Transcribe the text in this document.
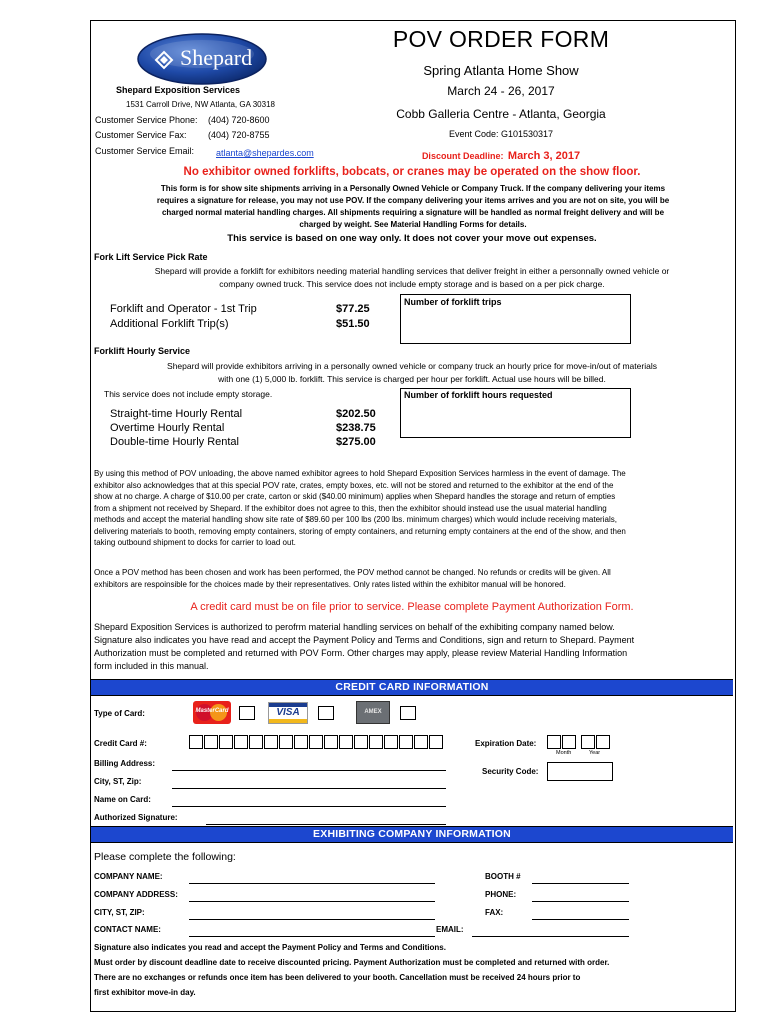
Shepard
Shepard Exposition Services
1531 Carroll Drive, NW Atlanta, GA 30318
Customer Service Phone: (404) 720-8600
Customer Service Fax: (404) 720-8755
Customer Service Email: atlanta@shepardes.com
POV ORDER FORM
Spring Atlanta Home Show
March 24 - 26, 2017
Cobb Galleria Centre - Atlanta, Georgia
Event Code: G101530317
Discount Deadline: March 3, 2017
No exhibitor owned forklifts, bobcats, or cranes may be operated on the show floor.
This form is for show site shipments arriving in a Personally Owned Vehicle or Company Truck. If the company delivering your items
requires a signature for release, you may not use POV. If the company delivering your items arrives and you are not on site, you will be
charged normal material handling charges. All shipments requiring a signature will be handled as normal freight delivery and will be
charged by weight. See Material Handling Forms for details.
This service is based on one way only. It does not cover your move out expenses.
Fork Lift Service Pick Rate
Shepard will provide a forklift for exhibitors needing material handling services that deliver freight in either a personnally owned vehicle or
company owned truck. This service does not include empty storage and is based on a per pick charge.
Forklift and Operator - 1st Trip	$77.25
Additional Forklift Trip(s)	$51.50
Number of forklift trips
Forklift Hourly Service
Shepard will provide exhibitors arriving in a personally owned vehicle or company truck an hourly price for move-in/out of materials
with one (1) 5,000 lb. forklift. This service is charged per hour per forklift. Actual use hours will be billed.
This service does not include empty storage.	Number of forklift hours requested
Straight-time Hourly Rental	$202.50
Overtime Hourly Rental	$238.75
Double-time Hourly Rental	$275.00
By using this method of POV unloading, the above named exhibitor agrees to hold Shepard Exposition Services harmless in the event of damage. The
exhibitor also acknowledges that at this special POV rate, crates, empty boxes, etc. will not be stored and returned to the exhibitor at the end of the
show at no charge. A charge of $10.00 per crate, carton or skid ($40.00 minimum) applies when Shepard handles the storage and return of empties
from a shipment not received by Shepard. If the exhibitor does not agree to this, then the exhibitor should instead use the usual material handling
methods and accept the material handling show site rate of $89.60 per 100 lbs (200 lbs. minimum charges) which would include receiving materials,
delivering materials to booth, removing empty containers, storing of empty containers, and returning empty containers at the end of the show, and then
taking outbound shipment to docks for carrier to load out.
Once a POV method has been chosen and work has been performed, the POV method cannot be changed. No refunds or credits will be given. All
exhibitors are respoinsible for the choices made by their representatives. Only rates listed within the exhibitor manual will be honored.
A credit card must be on file prior to service. Please complete Payment Authorization Form.
Shepard Exposition Services is authorized to perofrm material handling services on behalf of the exhibiting company named below.
Signature also indicates you have read and accept the Payment Policy and Terms and Conditions, sign and return to Shepard. Payment
Authorization must be completed and returned with POV Form. Other charges may apply, please review Material Handling Information
form included in this manual.
CREDIT CARD INFORMATION
Type of Card:	MasterCard	VISA	AMEX
Credit Card #:	Expiration Date:
Month	Year
Billing Address:
Security Code:
City, ST, Zip:
Name on Card:
Authorized Signature:
EXHIBITING COMPANY INFORMATION
Please complete the following:
COMPANY NAME:	BOOTH #
COMPANY ADDRESS:	PHONE:
CITY, ST, ZIP:	FAX:
CONTACT NAME:	EMAIL:
Signature also indicates you read and accept the Payment Policy and Terms and Conditions.
Must order by discount deadline date to receive discounted pricing. Payment Authorization must be completed and returned with order.
There are no exchanges or refunds once item has been delivered to your booth. Cancellation must be received 24 hours prior to
first exhibitor move-in day.
